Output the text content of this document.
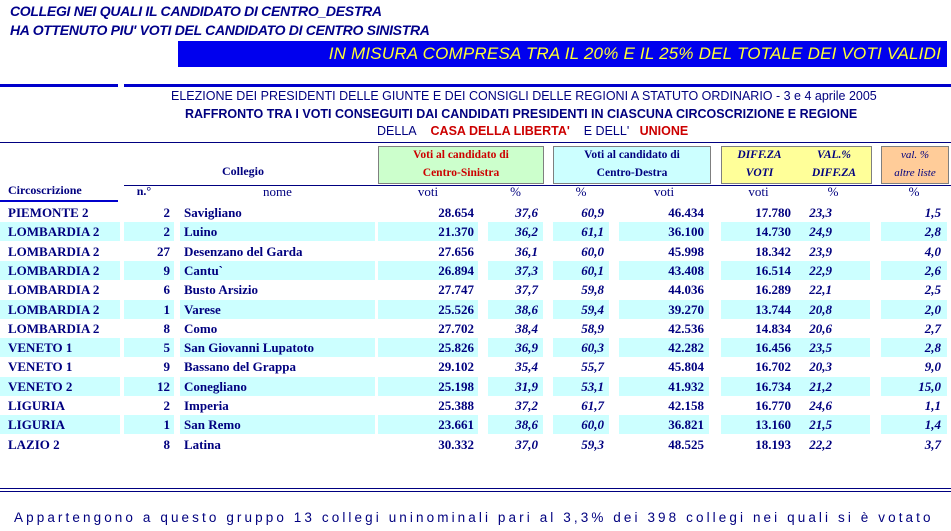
COLLEGI NEI QUALI IL CANDIDATO DI CENTRO_DESTRA
HA OTTENUTO PIU' VOTI DEL CANDIDATO DI CENTRO SINISTRA
IN MISURA COMPRESA TRA IL 20% E IL 25% DEL TOTALE DEI VOTI VALIDI
ELEZIONE DEI PRESIDENTI DELLE GIUNTE E DEI CONSIGLI DELLE REGIONI A STATUTO ORDINARIO - 3 e 4 aprile 2005
RAFFRONTO TRA I VOTI CONSEGUITI DAI CANDIDATI PRESIDENTI IN CIASCUNA CIRCOSCRIZIONE E REGIONE
DELLA CASA DELLA LIBERTA' E DELL' UNIONE
Voti al candidato di
Centro-Sinistra
Voti al candidato di
Centro-Destra
DIFF.ZA	VAL.%
VOTI	DIFF.ZA
val. %
altre liste
Collegio
Circoscrizione	n.°	nome	voti	%	%	voti	voti	%	%
PIEMONTE 2	2 Savigliano	28.654	37,6	60,9	46.434	17.780	23,3	1,5
LOMBARDIA 2	2 Luino	21.370	36,2	61,1	36.100	14.730	24,9	2,8
LOMBARDIA 2	27 Desenzano del Garda	27.656	36,1	60,0	45.998	18.342	23,9	4,0
LOMBARDIA 2	9 Cantu`	26.894	37,3	60,1	43.408	16.514	22,9	2,6
LOMBARDIA 2	6 Busto Arsizio	27.747	37,7	59,8	44.036	16.289	22,1	2,5
LOMBARDIA 2	1 Varese	25.526	38,6	59,4	39.270	13.744	20,8	2,0
LOMBARDIA 2	8 Como	27.702	38,4	58,9	42.536	14.834	20,6	2,7
VENETO 1	5 San Giovanni Lupatoto	25.826	36,9	60,3	42.282	16.456	23,5	2,8
VENETO 1	9 Bassano del Grappa	29.102	35,4	55,7	45.804	16.702	20,3	9,0
VENETO 2	12 Conegliano	25.198	31,9	53,1	41.932	16.734	21,2	15,0
LIGURIA	2 Imperia	25.388	37,2	61,7	42.158	16.770	24,6	1,1
LIGURIA	1 San Remo	23.661	38,6	60,0	36.821	13.160	21,5	1,4
LAZIO 2	8 Latina	30.332	37,0	59,3	48.525	18.193	22,2	3,7
Appartengono a questo gruppo 13 collegi uninominali pari al 3,3% dei 398 collegi nei quali si è votato
